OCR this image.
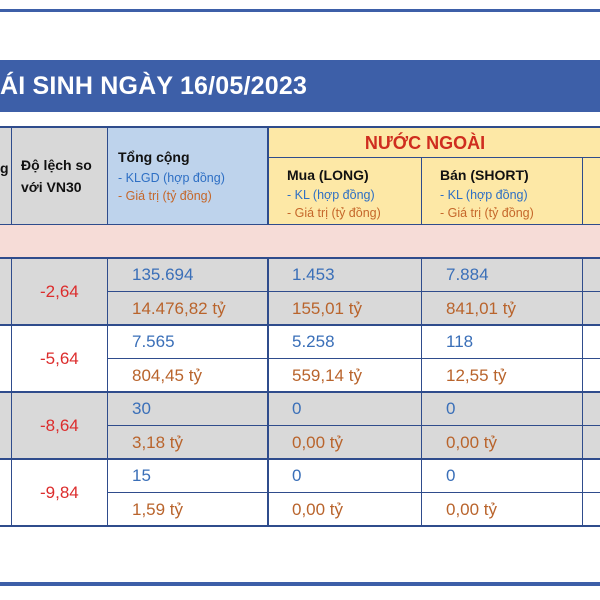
ÁI SINH NGÀY 16/05/2023
g Độ lệch so
với VN30
Tổng cộng
- KLGD (hợp đồng)
- Giá trị (tỷ đồng)
NƯỚC NGOÀI
Mua (LONG)
- KL (hợp đồng)
- Giá trị (tỷ đồng)
Bán (SHORT)
- KL (hợp đồng)
- Giá trị (tỷ đồng)
-2,64
135.694
14.476,82 tỷ
1.453
155,01 tỷ
7.884
841,01 tỷ
-5,64
7.565
804,45 tỷ
5.258
559,14 tỷ
118
12,55 tỷ
-8,64
30
3,18 tỷ
0
0,00 tỷ
0
0,00 tỷ
-9,84
15
1,59 tỷ
0
0,00 tỷ
0
0,00 tỷ
